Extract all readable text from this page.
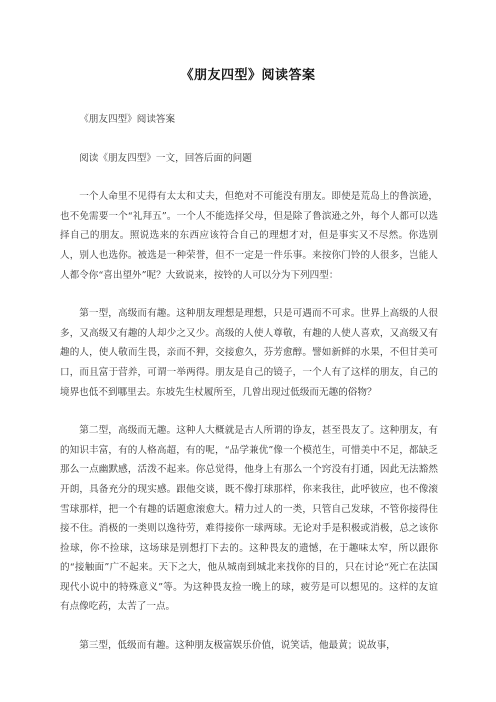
《朋友四型》阅读答案

《朋友四型》阅读答案

阅读《朋友四型》一文，回答后面的问题

一个人命里不见得有太太和丈夫，但绝对不可能没有朋友。即使是荒岛上的鲁滨逊，也不免需要一个“礼拜五”。一个人不能选择父母，但是除了鲁滨逊之外，每个人都可以选择自己的朋友。照说选来的东西应该符合自己的理想才对，但是事实又不尽然。你选别人，别人也选你。被选是一种荣誉，但不一定是一件乐事。来按你门铃的人很多，岂能人人都令你“喜出望外”呢？大致说来，按铃的人可以分为下列四型：

第一型，高级而有趣。这种朋友理想是理想，只是可遇而不可求。世界上高级的人很多，又高级又有趣的人却少之又少。高级的人使人尊敬，有趣的人使人喜欢，又高级又有趣的人，使人敬而生畏，亲而不狎，交接愈久，芬芳愈醇。譬如新鲜的水果，不但甘美可口，而且富于营养，可谓一举两得。朋友是自己的镜子，一个人有了这样的朋友，自己的境界也低不到哪里去。东坡先生杖履所至，几曾出现过低级而无趣的俗物？

第二型，高级而无趣。这种人大概就是古人所谓的诤友，甚至畏友了。这种朋友，有的知识丰富，有的人格高超，有的呢，“品学兼优”像一个模范生，可惜美中不足，都缺乏那么一点幽默感，活泼不起来。你总觉得，他身上有那么一个窍没有打通，因此无法豁然开朗，具备充分的现实感。跟他交谈，既不像打球那样，你来我往，此呼彼应，也不像滚雪球那样，把一个有趣的话题愈滚愈大。精力过人的一类，只管自己发球，不管你接得住接不住。消极的一类则以逸待劳，难得接你一球两球。无论对手是积极或消极，总之该你捡球，你不捡球，这场球是别想打下去的。这种畏友的遗憾，在于趣味太窄，所以跟你的“接触面”广不起来。天下之大，他从城南到城北来找你的目的，只在讨论“死亡在法国现代小说中的特殊意义”等。为这种畏友捡一晚上的球，疲劳是可以想见的。这样的友谊有点像吃药，太苦了一点。

第三型，低级而有趣。这种朋友极富娱乐价值，说笑话，他最黄；说故事，
